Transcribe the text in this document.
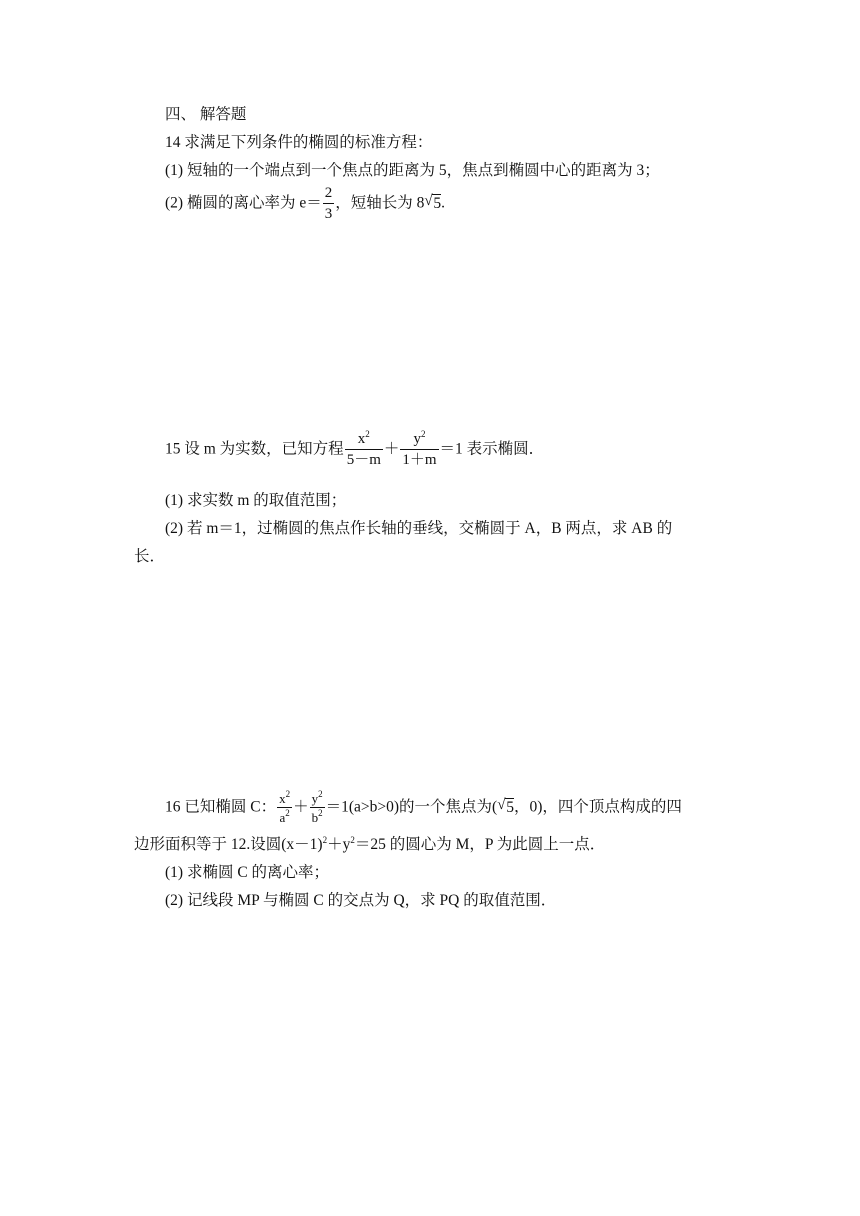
四、 解答题
14 求满足下列条件的椭圆的标准方程：
(1) 短轴的一个端点到一个焦点的距离为 5，焦点到椭圆中心的距离为 3；
(2) 椭圆的离心率为 $e= \frac{2}{3}$ ，短轴长为 8 √ 5.
15 设 m 为实数，已知方程 $\frac{x^2}{5-m} + \frac{y^2}{1+m} =1$ 表示椭圆．
(1) 求实数 m 的取值范围；
(2) 若 m＝1，过椭圆的焦点作长轴的垂线，交椭圆于 A，B 两点，求 AB 的
长．
16 已知椭圆 C： $\frac{x^2}{a^2} + \frac{y^2}{b^2} =1(a>b>0)$的一个焦点为( √ 5，0)，四个顶点构成的四
边形面积等于 12.设圆$(x-1)^2+y^2=25$ 的圆心为 M，P 为此圆上一点．
(1) 求椭圆 C 的离心率；
(2) 记线段 MP 与椭圆 C 的交点为 Q，求 PQ 的取值范围．
